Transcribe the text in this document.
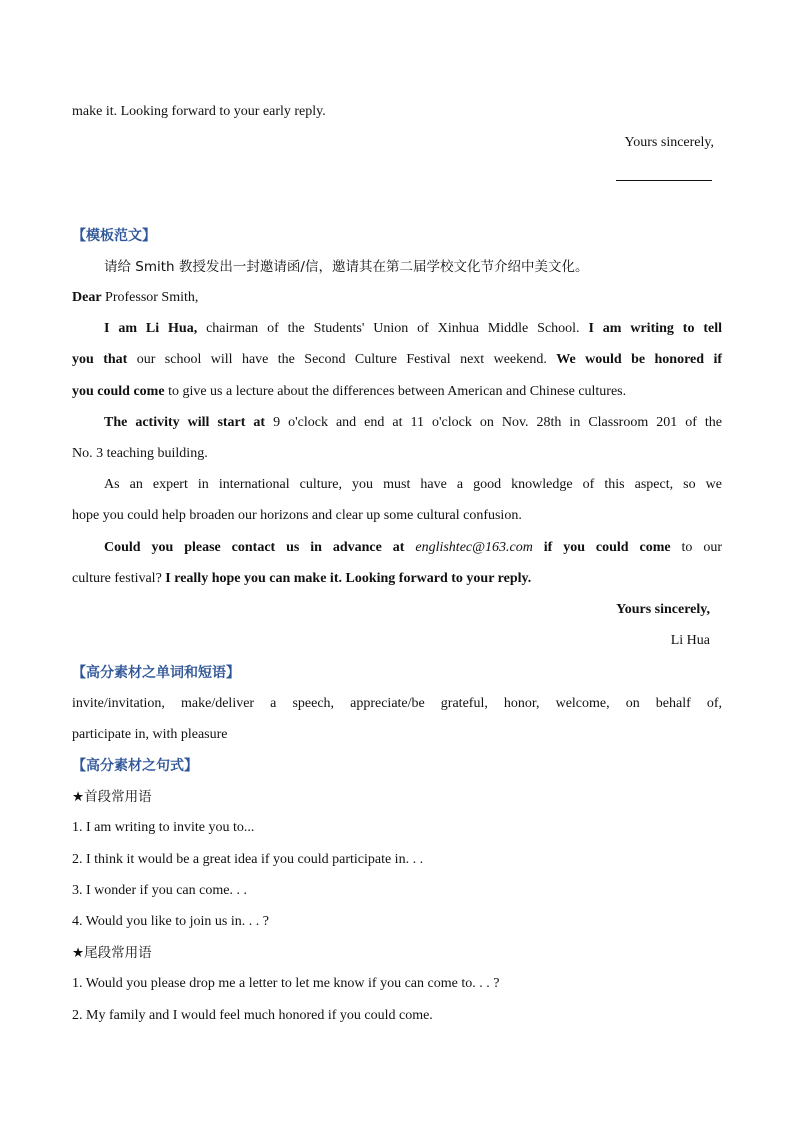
make it. Looking forward to your early reply.
Yours sincerely,
【模板范文】
请给 Smith 教授发出一封邀请函/信，邀请其在第二届学校文化节介绍中美文化。
Dear Professor Smith,
I am Li Hua, chairman of the Students' Union of Xinhua Middle School. I am writing to tell
you that our school will have the Second Culture Festival next weekend. We would be honored if
you could come to give us a lecture about the differences between American and Chinese cultures.
The activity will start at 9 o'clock and end at 11 o'clock on Nov. 28th in Classroom 201 of the
No. 3 teaching building.
As an expert in international culture, you must have a good knowledge of this aspect, so we
hope you could help broaden our horizons and clear up some cultural confusion.
Could you please contact us in advance at englishtec@163.com if you could come to our
culture festival? I really hope you can make it. Looking forward to your reply.
Yours sincerely,
Li Hua
【高分素材之单词和短语】
invite/invitation, make/deliver a speech, appreciate/be grateful, honor, welcome, on behalf of,
participate in, with pleasure
【高分素材之句式】
★首段常用语
1. I am writing to invite you to...
2. I think it would be a great idea if you could participate in. . .
3. I wonder if you can come. . .
4. Would you like to join us in. . . ?
★尾段常用语
1. Would you please drop me a letter to let me know if you can come to. . . ?
2. My family and I would feel much honored if you could come.
